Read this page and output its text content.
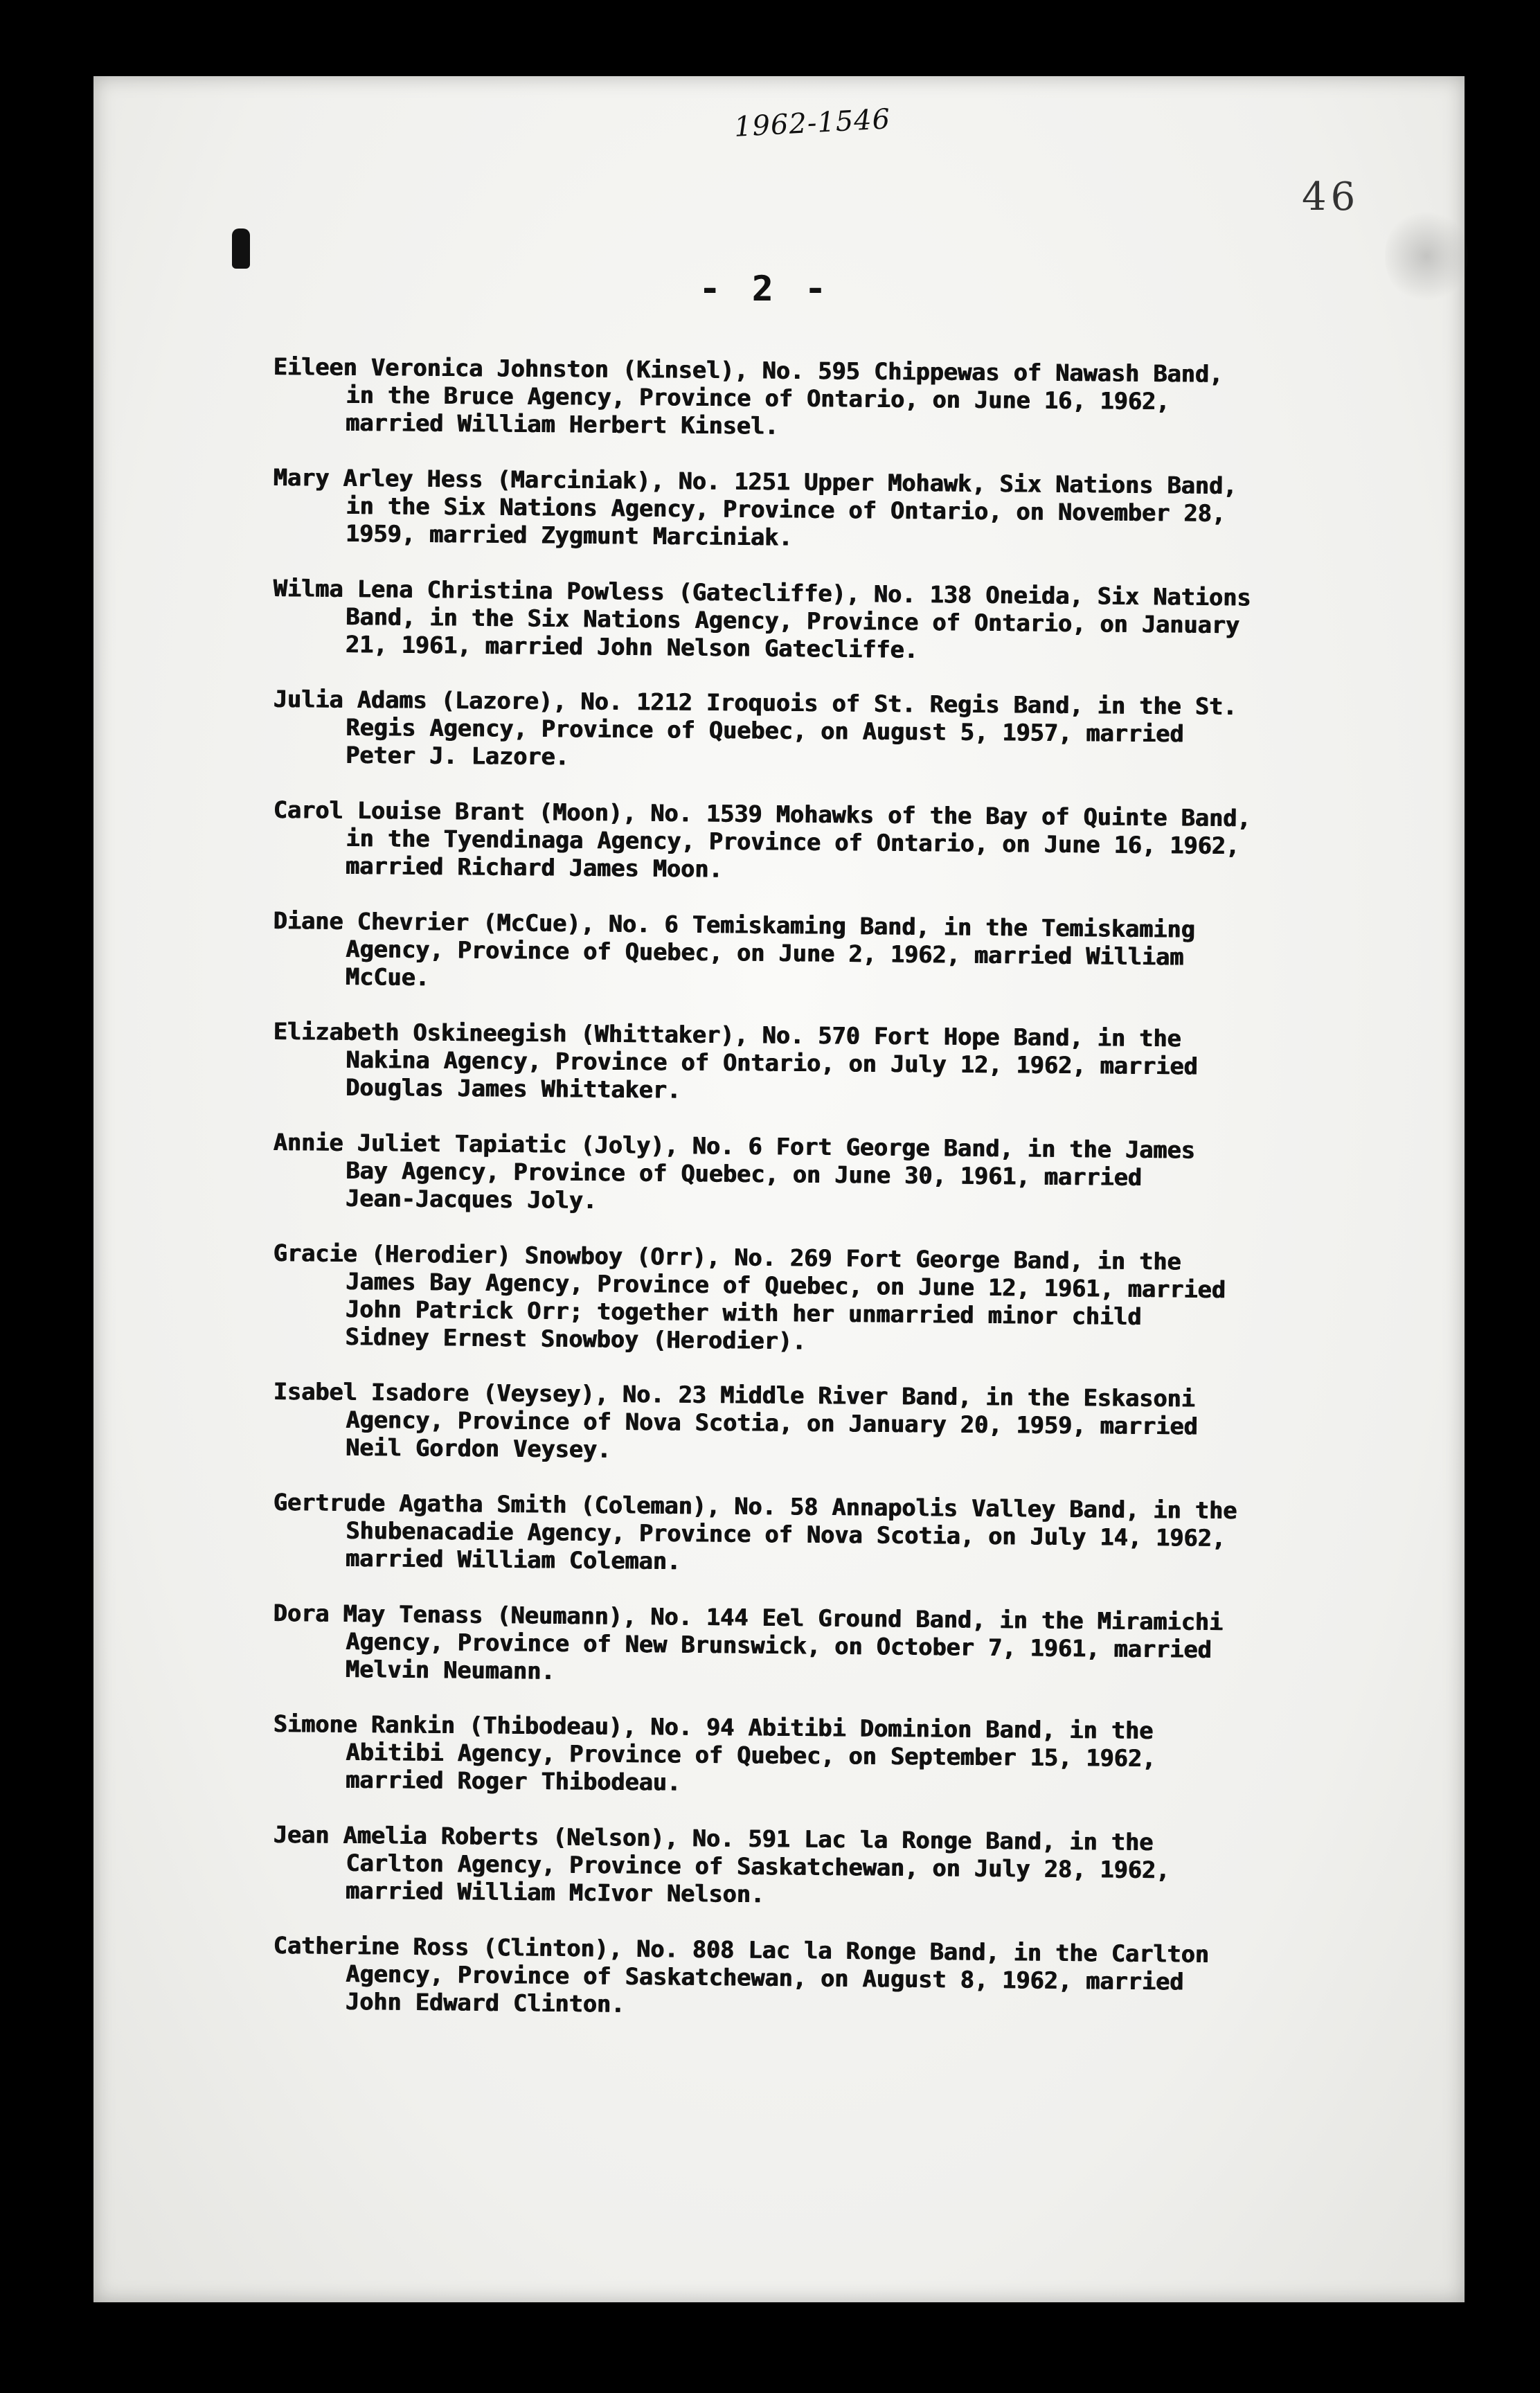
1962-1546
46
- 2 -
Eileen Veronica Johnston (Kinsel), No. 595 Chippewas of Nawash Band,
in the Bruce Agency, Province of Ontario, on June 16, 1962,
married William Herbert Kinsel.
Mary Arley Hess (Marciniak), No. 1251 Upper Mohawk, Six Nations Band,
in the Six Nations Agency, Province of Ontario, on November 28,
1959, married Zygmunt Marciniak.
Wilma Lena Christina Powless (Gatecliffe), No. 138 Oneida, Six Nations
Band, in the Six Nations Agency, Province of Ontario, on January
21, 1961, married John Nelson Gatecliffe.
Julia Adams (Lazore), No. 1212 Iroquois of St. Regis Band, in the St.
Regis Agency, Province of Quebec, on August 5, 1957, married
Peter J. Lazore.
Carol Louise Brant (Moon), No. 1539 Mohawks of the Bay of Quinte Band,
in the Tyendinaga Agency, Province of Ontario, on June 16, 1962,
married Richard James Moon.
Diane Chevrier (McCue), No. 6 Temiskaming Band, in the Temiskaming
Agency, Province of Quebec, on June 2, 1962, married William
McCue.
Elizabeth Oskineegish (Whittaker), No. 570 Fort Hope Band, in the
Nakina Agency, Province of Ontario, on July 12, 1962, married
Douglas James Whittaker.
Annie Juliet Tapiatic (Joly), No. 6 Fort George Band, in the James
Bay Agency, Province of Quebec, on June 30, 1961, married
Jean-Jacques Joly.
Gracie (Herodier) Snowboy (Orr), No. 269 Fort George Band, in the
James Bay Agency, Province of Quebec, on June 12, 1961, married
John Patrick Orr; together with her unmarried minor child
Sidney Ernest Snowboy (Herodier).
Isabel Isadore (Veysey), No. 23 Middle River Band, in the Eskasoni
Agency, Province of Nova Scotia, on January 20, 1959, married
Neil Gordon Veysey.
Gertrude Agatha Smith (Coleman), No. 58 Annapolis Valley Band, in the
Shubenacadie Agency, Province of Nova Scotia, on July 14, 1962,
married William Coleman.
Dora May Tenass (Neumann), No. 144 Eel Ground Band, in the Miramichi
Agency, Province of New Brunswick, on October 7, 1961, married
Melvin Neumann.
Simone Rankin (Thibodeau), No. 94 Abitibi Dominion Band, in the
Abitibi Agency, Province of Quebec, on September 15, 1962,
married Roger Thibodeau.
Jean Amelia Roberts (Nelson), No. 591 Lac la Ronge Band, in the
Carlton Agency, Province of Saskatchewan, on July 28, 1962,
married William McIvor Nelson.
Catherine Ross (Clinton), No. 808 Lac la Ronge Band, in the Carlton
Agency, Province of Saskatchewan, on August 8, 1962, married
John Edward Clinton.
